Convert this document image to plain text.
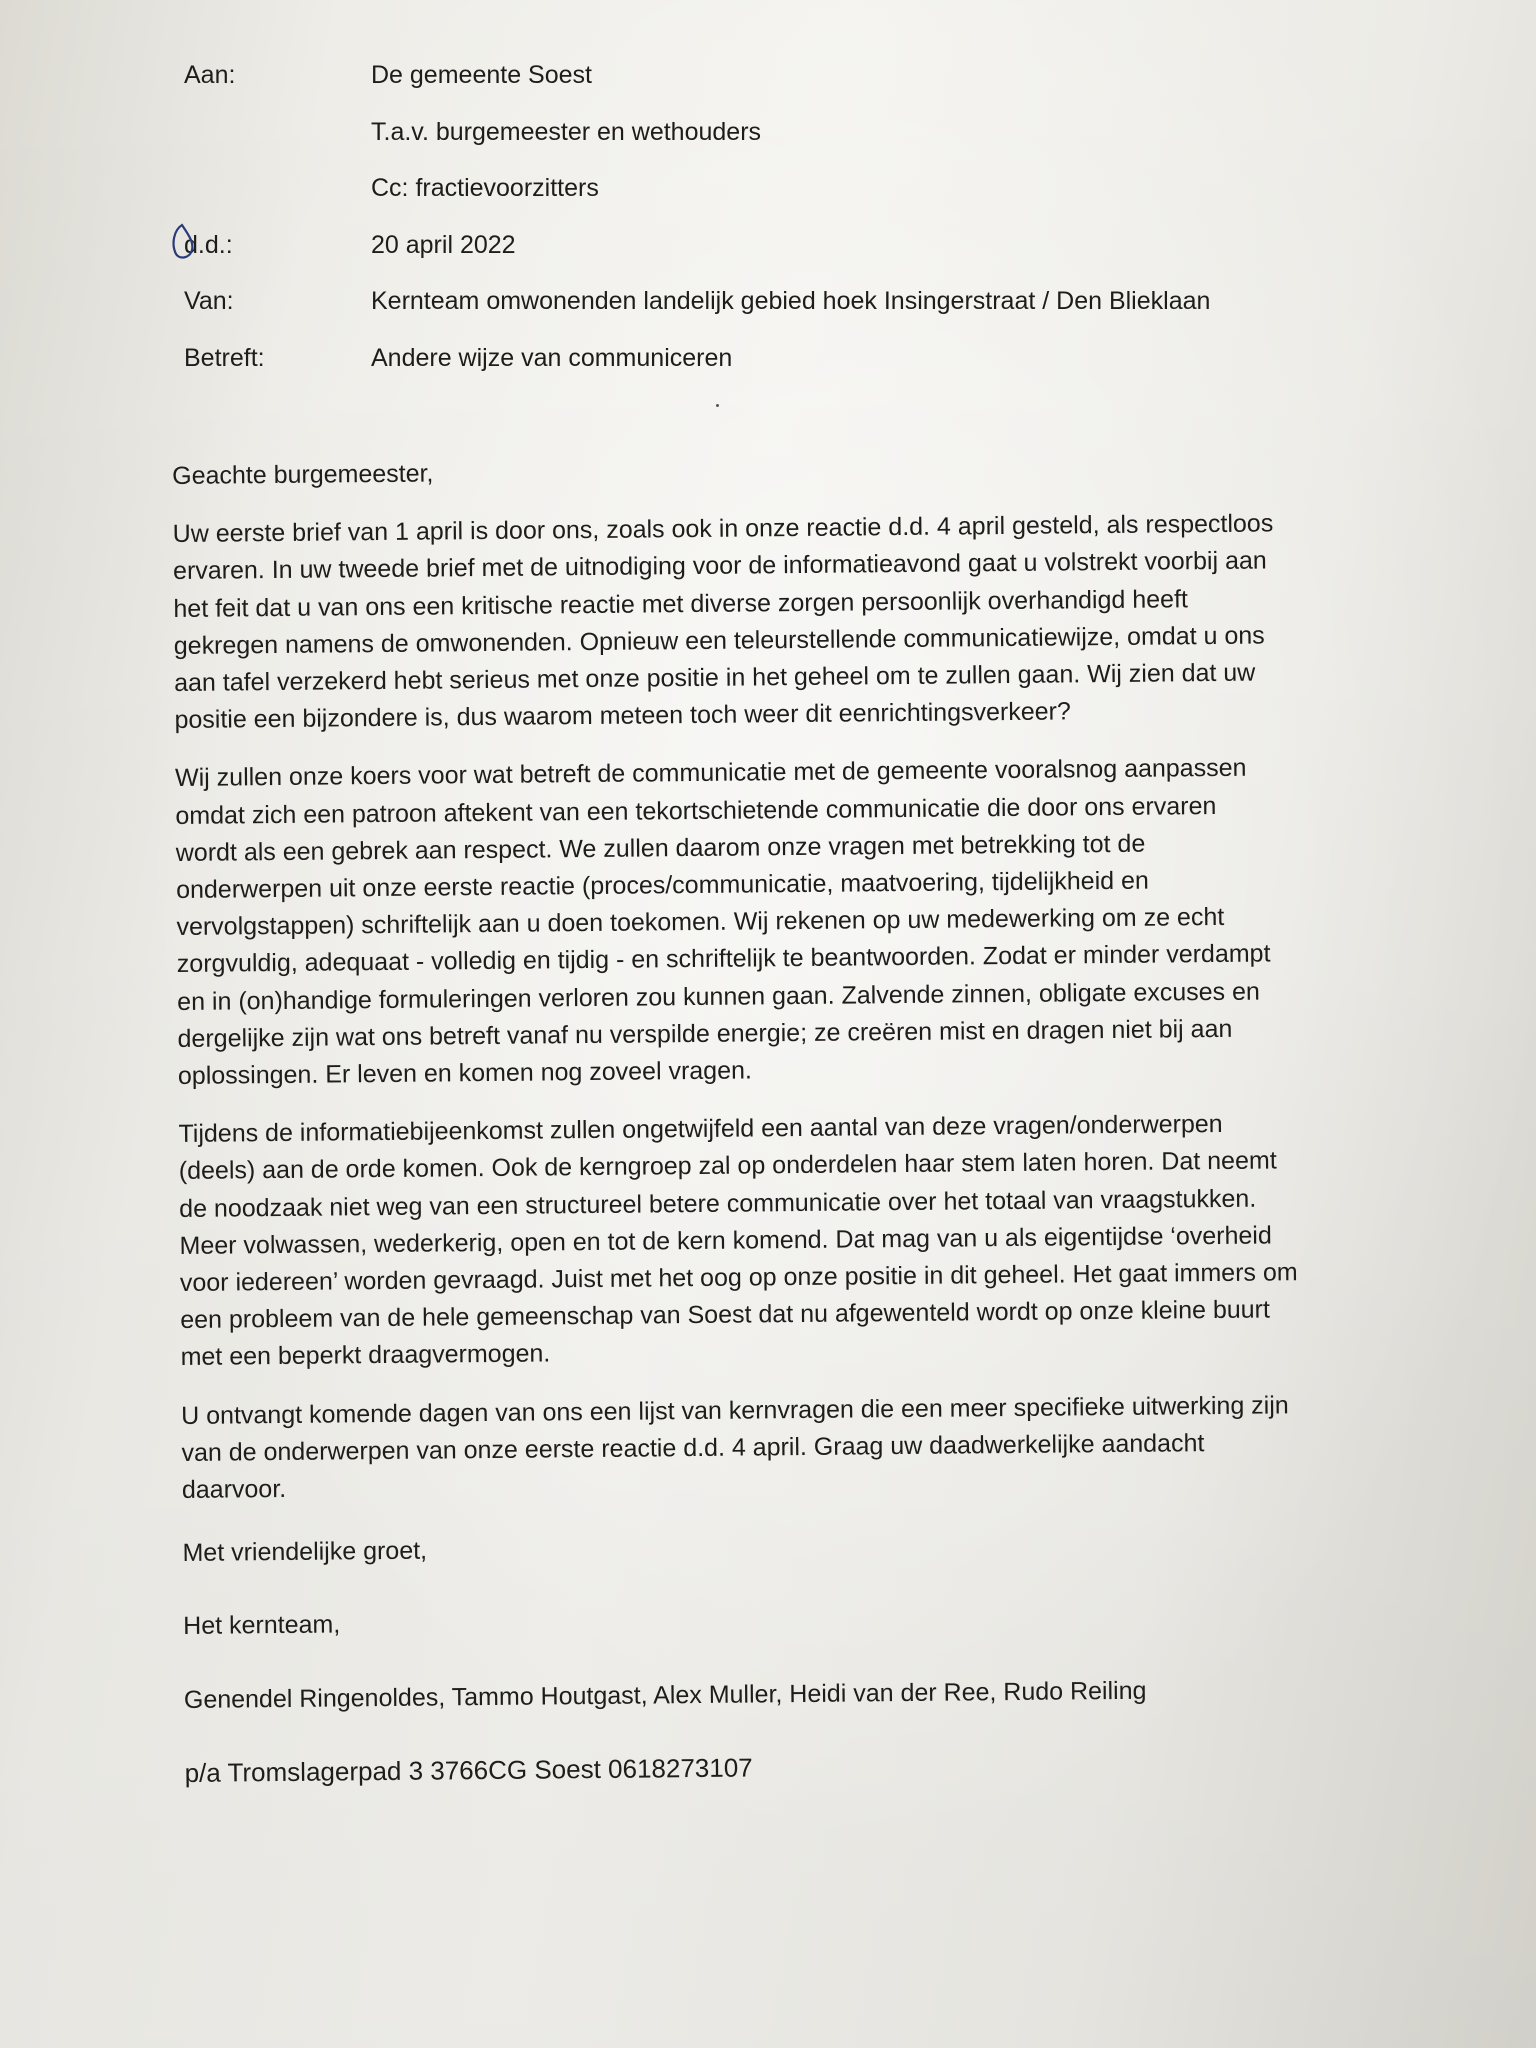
Aan:	De gemeente Soest
T.a.v. burgemeester en wethouders
Cc: fractievoorzitters
d.d.:	20 april 2022
Van:	Kernteam omwonenden landelijk gebied hoek Insingerstraat / Den Blieklaan
Betreft:	Andere wijze van communiceren

Geachte burgemeester,

Uw eerste brief van 1 april is door ons, zoals ook in onze reactie d.d. 4 april gesteld, als respectloos
ervaren. In uw tweede brief met de uitnodiging voor de informatieavond gaat u volstrekt voorbij aan
het feit dat u van ons een kritische reactie met diverse zorgen persoonlijk overhandigd heeft
gekregen namens de omwonenden. Opnieuw een teleurstellende communicatiewijze, omdat u ons
aan tafel verzekerd hebt serieus met onze positie in het geheel om te zullen gaan. Wij zien dat uw
positie een bijzondere is, dus waarom meteen toch weer dit eenrichtingsverkeer?

Wij zullen onze koers voor wat betreft de communicatie met de gemeente vooralsnog aanpassen
omdat zich een patroon aftekent van een tekortschietende communicatie die door ons ervaren
wordt als een gebrek aan respect. We zullen daarom onze vragen met betrekking tot de
onderwerpen uit onze eerste reactie (proces/communicatie, maatvoering, tijdelijkheid en
vervolgstappen) schriftelijk aan u doen toekomen. Wij rekenen op uw medewerking om ze echt
zorgvuldig, adequaat - volledig en tijdig - en schriftelijk te beantwoorden. Zodat er minder verdampt
en in (on)handige formuleringen verloren zou kunnen gaan. Zalvende zinnen, obligate excuses en
dergelijke zijn wat ons betreft vanaf nu verspilde energie; ze creëren mist en dragen niet bij aan
oplossingen. Er leven en komen nog zoveel vragen.

Tijdens de informatiebijeenkomst zullen ongetwijfeld een aantal van deze vragen/onderwerpen
(deels) aan de orde komen. Ook de kerngroep zal op onderdelen haar stem laten horen. Dat neemt
de noodzaak niet weg van een structureel betere communicatie over het totaal van vraagstukken.
Meer volwassen, wederkerig, open en tot de kern komend. Dat mag van u als eigentijdse ‘overheid
voor iedereen’ worden gevraagd. Juist met het oog op onze positie in dit geheel. Het gaat immers om
een probleem van de hele gemeenschap van Soest dat nu afgewenteld wordt op onze kleine buurt
met een beperkt draagvermogen.

U ontvangt komende dagen van ons een lijst van kernvragen die een meer specifieke uitwerking zijn
van de onderwerpen van onze eerste reactie d.d. 4 april. Graag uw daadwerkelijke aandacht
daarvoor.

Met vriendelijke groet,
Het kernteam,
Genendel Ringenoldes, Tammo Houtgast, Alex Muller, Heidi van der Ree, Rudo Reiling
p/a Tromslagerpad 3 3766CG Soest 0618273107
